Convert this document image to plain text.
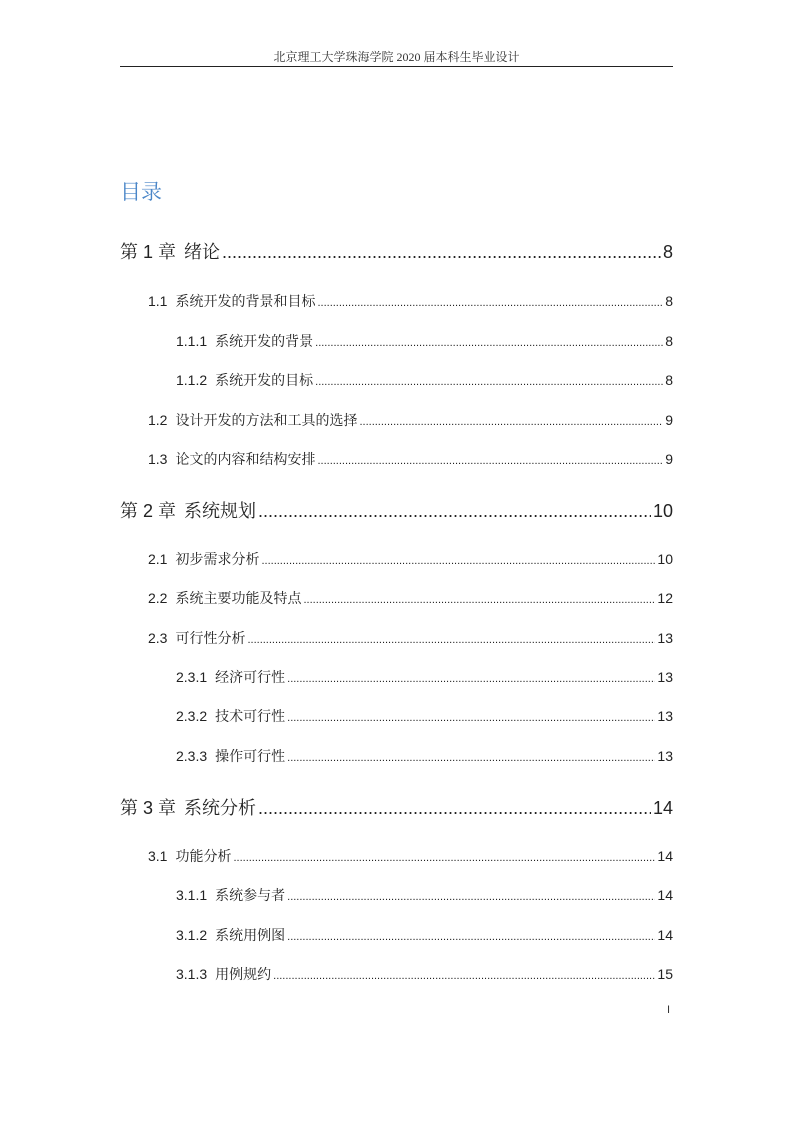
北京理工大学珠海学院 2020 届本科生毕业设计
目录
第 1 章 绪论 .....	8
1.1 系统开发的背景和目标 .....	8
1.1.1 系统开发的背景 .....	8
1.1.2 系统开发的目标 .....	8
1.2 设计开发的方法和工具的选择 .....	9
1.3 论文的内容和结构安排 .....	9
第 2 章 系统规划 .....	10
2.1 初步需求分析 .....	10
2.2 系统主要功能及特点 .....	12
2.3 可行性分析 .....	13
2.3.1 经济可行性 .....	13
2.3.2 技术可行性 .....	13
2.3.3 操作可行性 .....	13
第 3 章 系统分析 .....	14
3.1 功能分析 .....	14
3.1.1 系统参与者 .....	14
3.1.2 系统用例图 .....	14
3.1.3 用例规约 .....	15
I
